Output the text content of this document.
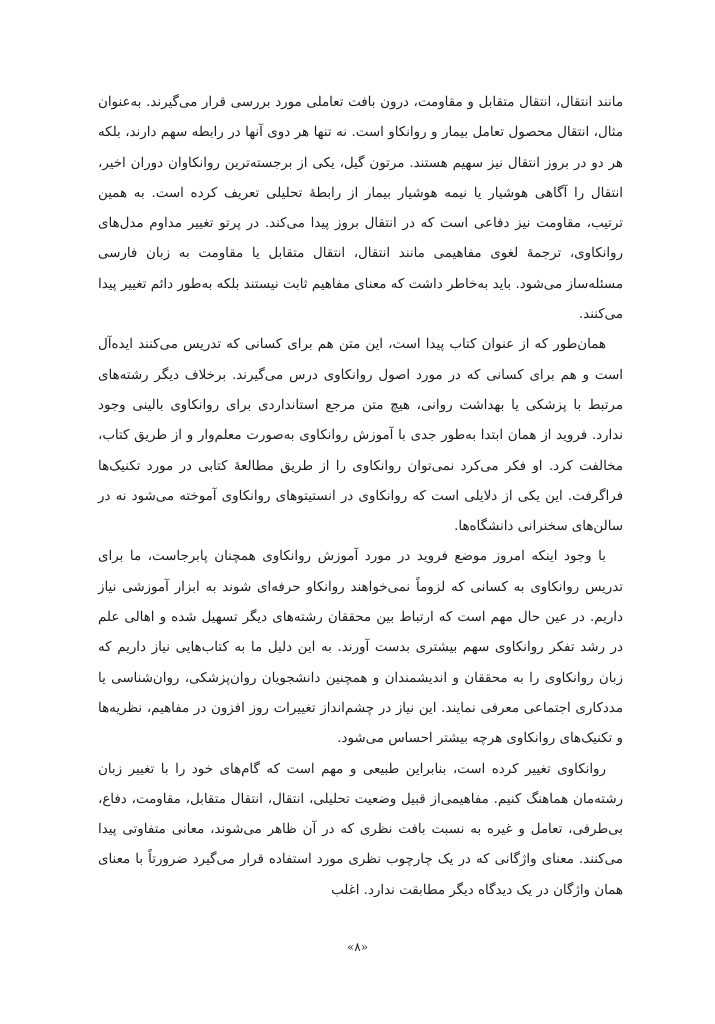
مانند انتقال، انتقال متقابل و مقاومت، درون بافت تعاملی مورد بررسی قرار می‌گیرند. به‌عنوان مثال، انتقال محصول تعامل بیمار و روانکاو است. نه تنها هر دوی آنها در رابطه سهم دارند، بلکه هر دو در بروز انتقال نیز سهیم هستند. مرتون گیل، یکی از برجسته‌ترین روانکاوان دوران اخیر، انتقال را آگاهی هوشیار یا نیمه هوشیار بیمار از رابطهٔ تحلیلی تعریف کرده است. به همین ترتیب، مقاومت نیز دفاعی است که در انتقال بروز پیدا می‌کند. در پرتو تغییر مداوم مدل‌های روانکاوی، ترجمهٔ لغوی مفاهیمی مانند انتقال، انتقال متقابل یا مقاومت به زبان فارسی مسئله‌ساز می‌شود. باید به‌خاطر داشت که معنای مفاهیم ثابت نیستند بلکه به‌طور دائم تغییر پیدا می‌کنند.

همان‌طور که از عنوان کتاب پیدا است، این متن هم برای کسانی که تدریس می‌کنند ایده‌آل است و هم برای کسانی که در مورد اصول روانکاوی درس می‌گیرند. برخلاف دیگر رشته‌های مرتبط با پزشکی یا بهداشت روانی، هیچ متن مرجع استانداردی برای روانکاوی بالینی وجود ندارد. فروید از همان ابتدا به‌طور جدی با آموزش روانکاوی به‌صورت معلم‌وار و از طریق کتاب، مخالفت کرد. او فکر می‌کرد نمی‌توان روانکاوی را از طریق مطالعهٔ کتابی در مورد تکنیک‌ها فراگرفت. این یکی از دلایلی است که روانکاوی در انستیتوهای روانکاوی آموخته می‌شود نه در سالن‌های سخنرانی دانشگاه‌ها.

با وجود اینکه امروز موضع فروید در مورد آموزش روانکاوی همچنان پابرجاست، ما برای تدریس روانکاوی به کسانی که لزوماً نمی‌خواهند روانکاو حرفه‌ای شوند به ابزار آموزشی نیاز داریم. در عین حال مهم است که ارتباط بین محققان رشته‌های دیگر تسهیل شده و اهالی علم در رشد تفکر روانکاوی سهم بیشتری بدست آورند. به این دلیل ما به کتاب‌هایی نیاز داریم که زبان روانکاوی را به محققان و اندیشمندان و همچنین دانشجویان روان‌پزشکی، روان‌شناسی یا مددکاری اجتماعی معرفی نمایند. این نیاز در چشم‌انداز تغییرات روز افزون در مفاهیم، نظریه‌ها و تکنیک‌های روانکاوی هرچه بیشتر احساس می‌شود.

روانکاوی تغییر کرده است، بنابراین طبیعی و مهم است که گام‌های خود را با تغییر زبان رشته‌مان هماهنگ کنیم. مفاهیمی‌از قبیل وضعیت تحلیلی، انتقال، انتقال متقابل، مقاومت، دفاع، بی‌طرفی، تعامل و غیره به نسبت بافت نظری که در آن ظاهر می‌شوند، معانی متفاوتی پیدا می‌کنند. معنای واژگانی که در یک چارچوب نظری مورد استفاده قرار می‌گیرد ضرورتاً با معنای همان واژگان در یک دیدگاه دیگر مطابقت ندارد. اغلب

«۸»
